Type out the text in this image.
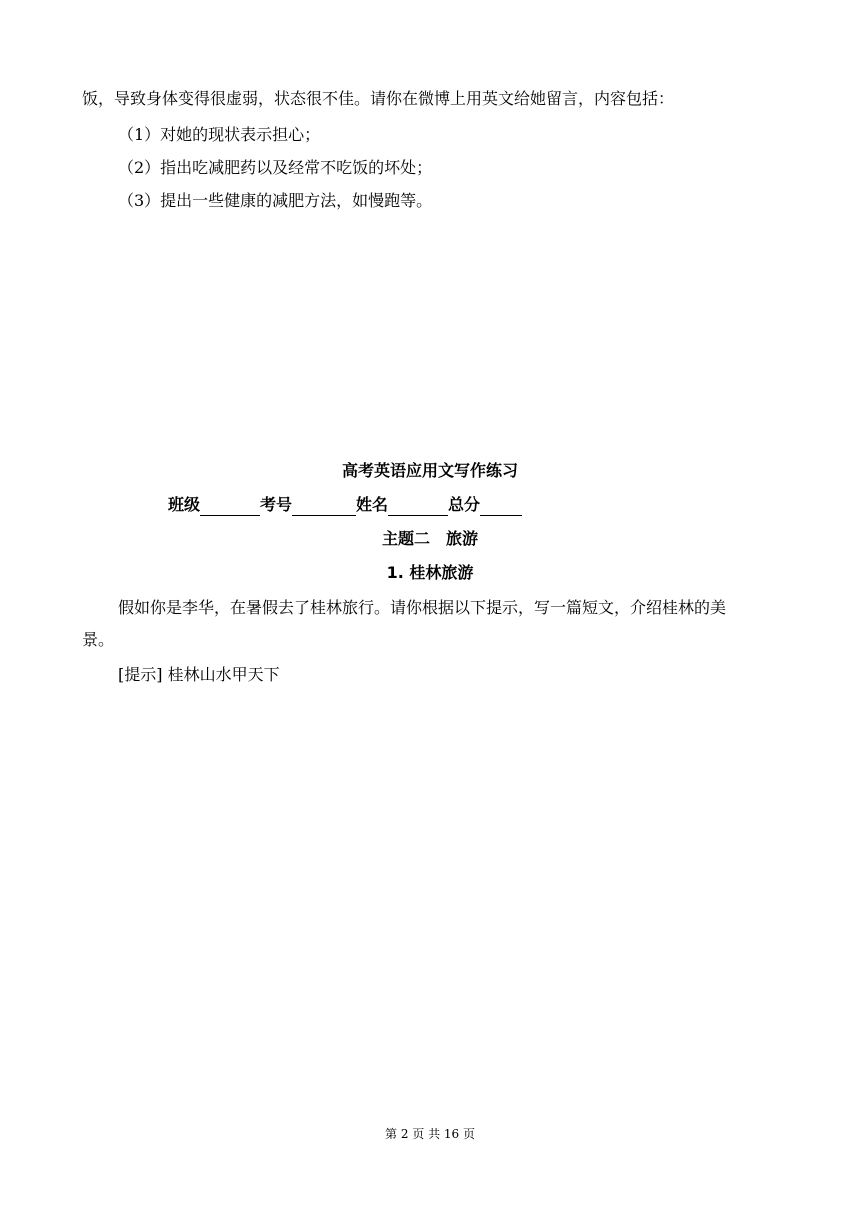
饭，导致身体变得很虚弱，状态很不佳。请你在微博上用英文给她留言，内容包括：
（1）对她的现状表示担心；
（2）指出吃减肥药以及经常不吃饭的坏处；
（3）提出一些健康的减肥方法，如慢跑等。
高考英语应用文写作练习
班级	考号	姓名	总分
主题二　旅游
1. 桂林旅游
假如你是李华，在暑假去了桂林旅行。请你根据以下提示，写一篇短文，介绍桂林的美
景。
[提示] 桂林山水甲天下
第 2 页 共 16 页
